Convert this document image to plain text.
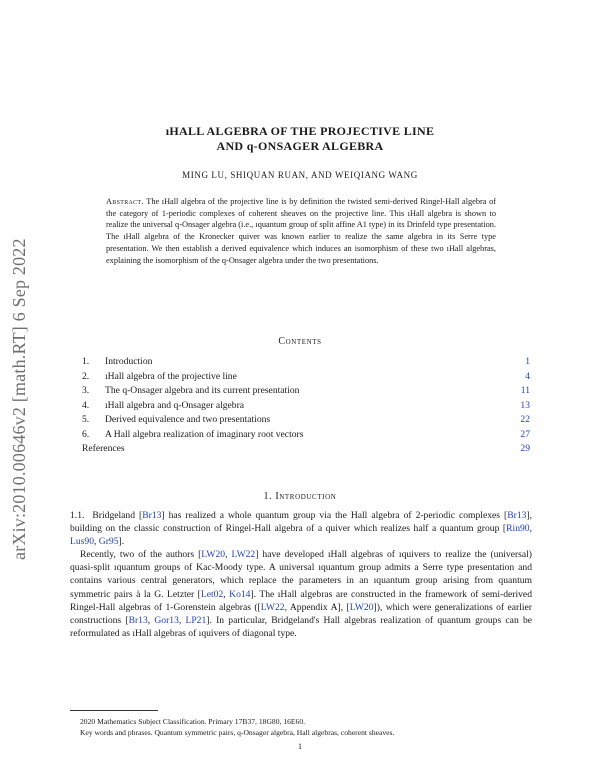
arXiv:2010.00646v2 [math.RT] 6 Sep 2022
ıHALL ALGEBRA OF THE PROJECTIVE LINE
AND q-ONSAGER ALGEBRA
MING LU, SHIQUAN RUAN, AND WEIQIANG WANG
Abstract. The ıHall algebra of the projective line is by definition the twisted semi-derived Ringel-Hall algebra of the category of 1-periodic complexes of coherent sheaves on the projective line. This ıHall algebra is shown to realize the universal q-Onsager algebra (i.e., ıquantum group of split affine A1 type) in its Drinfeld type presentation. The ıHall algebra of the Kronecker quiver was known earlier to realize the same algebra in its Serre type presentation. We then establish a derived equivalence which induces an isomorphism of these two ıHall algebras, explaining the isomorphism of the q-Onsager algebra under the two presentations.
Contents
1. Introduction	1
2. ıHall algebra of the projective line	4
3. The q-Onsager algebra and its current presentation	11
4. ıHall algebra and q-Onsager algebra	13
5. Derived equivalence and two presentations	22
6. A Hall algebra realization of imaginary root vectors	27
References	29
1. Introduction

1.1. Bridgeland [Br13] has realized a whole quantum group via the Hall algebra of 2-periodic complexes [Br13], building on the classic construction of Ringel-Hall algebra of a quiver which realizes half a quantum group [Rin90, Lus90, Gr95].

Recently, two of the authors [LW20, LW22] have developed ıHall algebras of ıquivers to realize the (universal) quasi-split ıquantum groups of Kac-Moody type. A universal ıquantum group admits a Serre type presentation and contains various central generators, which replace the parameters in an ıquantum group arising from quantum symmetric pairs à la G. Letzter [Let02, Ko14]. The ıHall algebras are constructed in the framework of semi-derived Ringel-Hall algebras of 1-Gorenstein algebras ([LW22, Appendix A], [LW20]), which were generalizations of earlier constructions [Br13, Gor13, LP21]. In particular, Bridgeland's Hall algebras realization of quantum groups can be reformulated as ıHall algebras of ıquivers of diagonal type.

2020 Mathematics Subject Classification. Primary 17B37, 18G80, 16E60.
Key words and phrases. Quantum symmetric pairs, q-Onsager algebra, Hall algebras, coherent sheaves.
1
